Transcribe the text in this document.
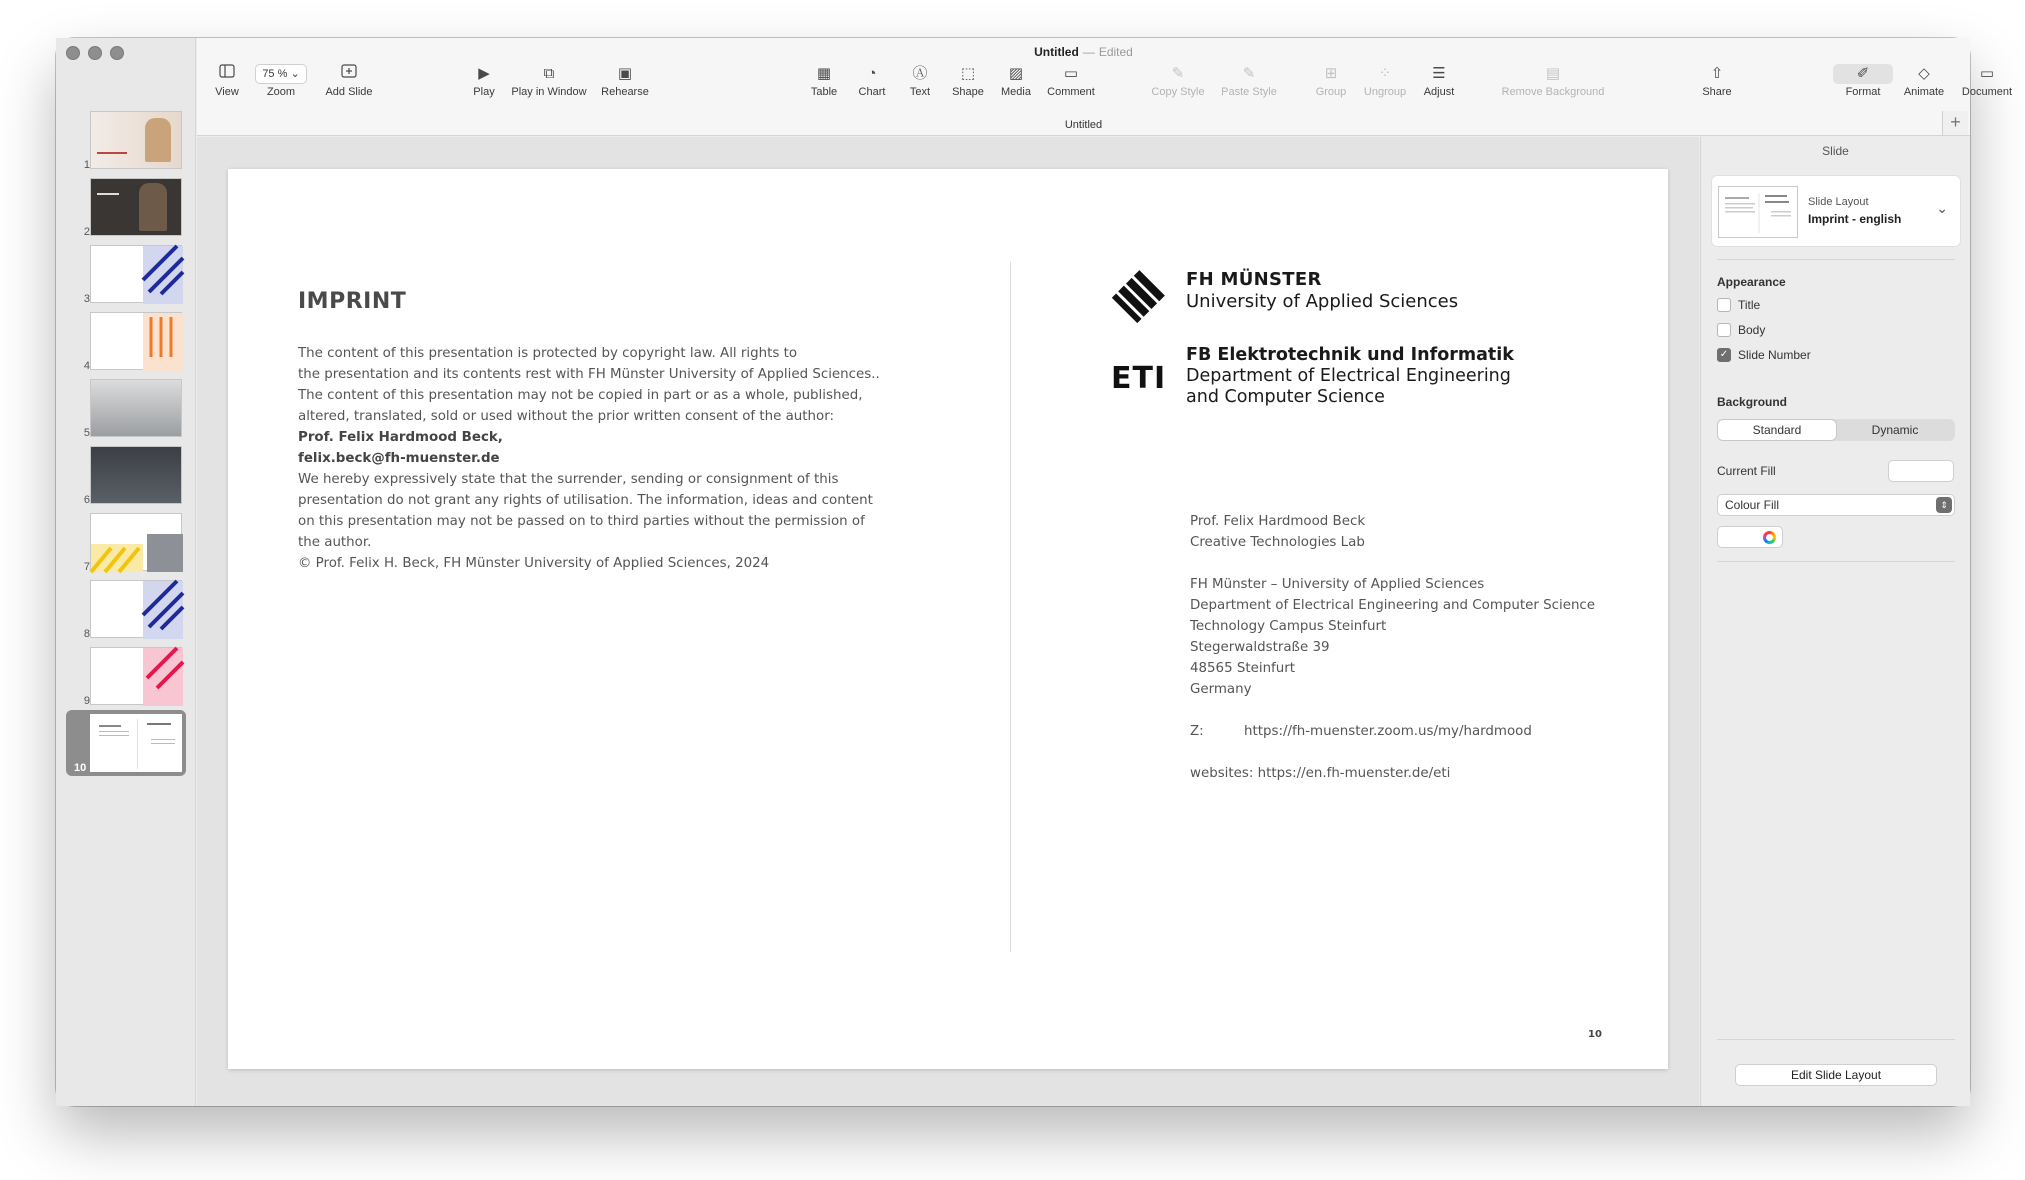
1
2
3
4
5
6
7
8
9
10
Untitled — Edited
View
75 % ⌄
Zoom	Add Slide
▶
Play
⧉
Play in Window
▣
Rehearse
▦
Table
◔
Chart
Ⓐ
Text
⬚
Shape
▨
Media
▭
Comment
✎
Copy Style
✎
Paste Style
⊞
Group
⁘
Ungroup
☰
Adjust
▤
Remove Background
⇧
Share
✐
Format
◇
Animate
▭
Document
Untitled	+
IMPRINT
The content of this presentation is protected by copyright law. All rights to
the presentation and its contents rest with FH Münster University of Applied Sciences..
The content of this presentation may not be copied in part or as a whole, published,
altered, translated, sold or used without the prior written consent of the author:
Prof. Felix Hardmood Beck,
felix.beck@fh-muenster.de
We hereby expressively state that the surrender, sending or consignment of this
presentation do not grant any rights of utilisation. The information, ideas and content
on this presentation may not be passed on to third parties without the permission of
the author.
© Prof. Felix H. Beck, FH Münster University of Applied Sciences, 2024
FH MÜNSTER
University of Applied Sciences
ETI
FB Elektrotechnik und Informatik
Department of Electrical Engineering
and Computer Science
Prof. Felix Hardmood Beck
Creative Technologies Lab
FH Münster – University of Applied Sciences
Department of Electrical Engineering and Computer Science
Technology Campus Steinfurt
Stegerwaldstraße 39
48565 Steinfurt
Germany
Z:	https://fh-muenster.zoom.us/my/hardmood
websites: https://en.fh-muenster.de/eti
10
Slide
Slide Layout
Imprint - english
⌄
Appearance
Title
Body
✓ Slide Number
Background
Standard	Dynamic
Current Fill
Colour Fill	⇕
Edit Slide Layout
